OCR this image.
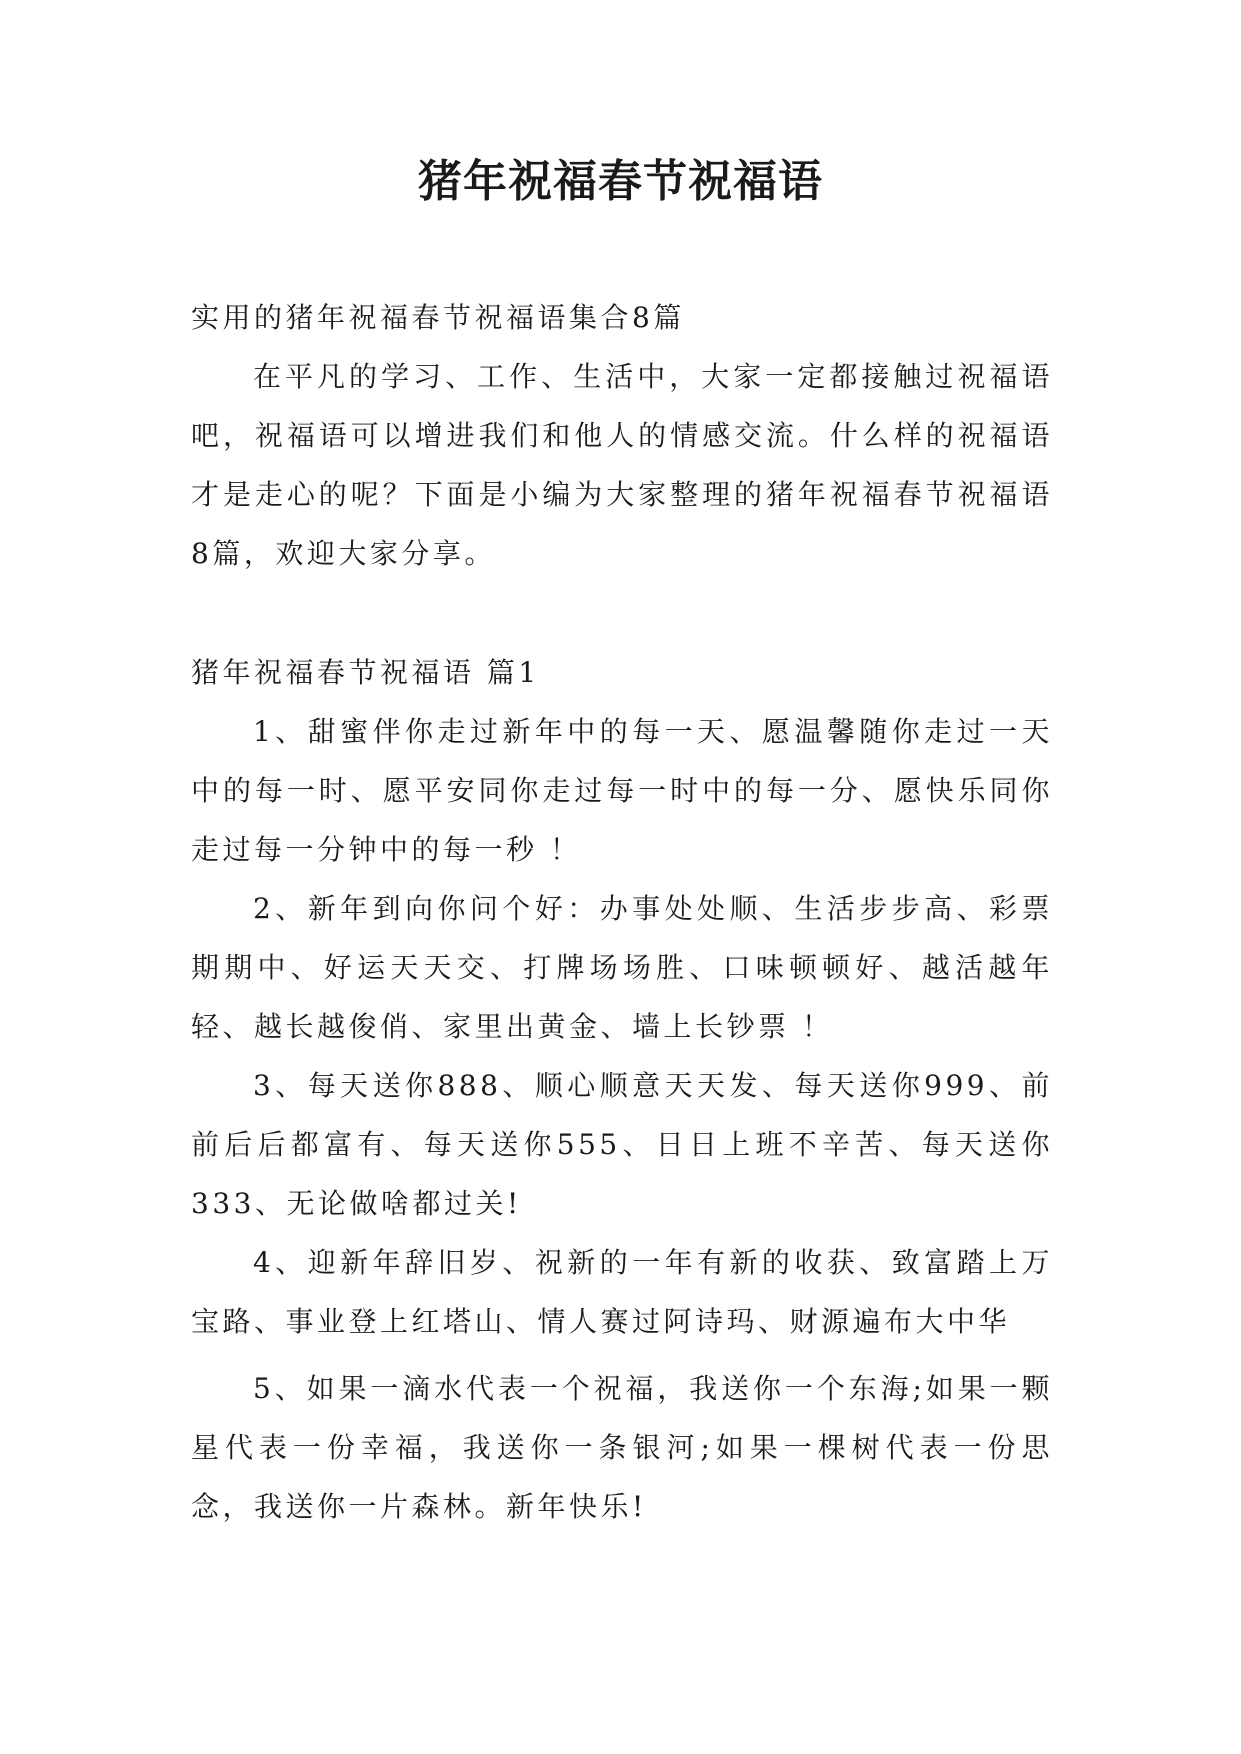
猪年祝福春节祝福语

实用的猪年祝福春节祝福语集合8篇

在平凡的学习、工作、生活中，大家一定都接触过祝福语吧，祝福语可以增进我们和他人的情感交流。什么样的祝福语才是走心的呢？下面是小编为大家整理的猪年祝福春节祝福语8篇，欢迎大家分享。

猪年祝福春节祝福语 篇1

1、甜蜜伴你走过新年中的每一天、愿温馨随你走过一天中的每一时、愿平安同你走过每一时中的每一分、愿快乐同你走过每一分钟中的每一秒 ！

2、新年到向你问个好：办事处处顺、生活步步高、彩票期期中、好运天天交、打牌场场胜、口味顿顿好、越活越年轻、越长越俊俏、家里出黄金、墙上长钞票 ！

3、每天送你888、顺心顺意天天发、每天送你999、前前后后都富有、每天送你555、日日上班不辛苦、每天送你333、无论做啥都过关!

4、迎新年辞旧岁、祝新的一年有新的收获、致富踏上万宝路、事业登上红塔山、情人赛过阿诗玛、财源遍布大中华

5、如果一滴水代表一个祝福，我送你一个东海;如果一颗星代表一份幸福，我送你一条银河;如果一棵树代表一份思念，我送你一片森林。新年快乐!
